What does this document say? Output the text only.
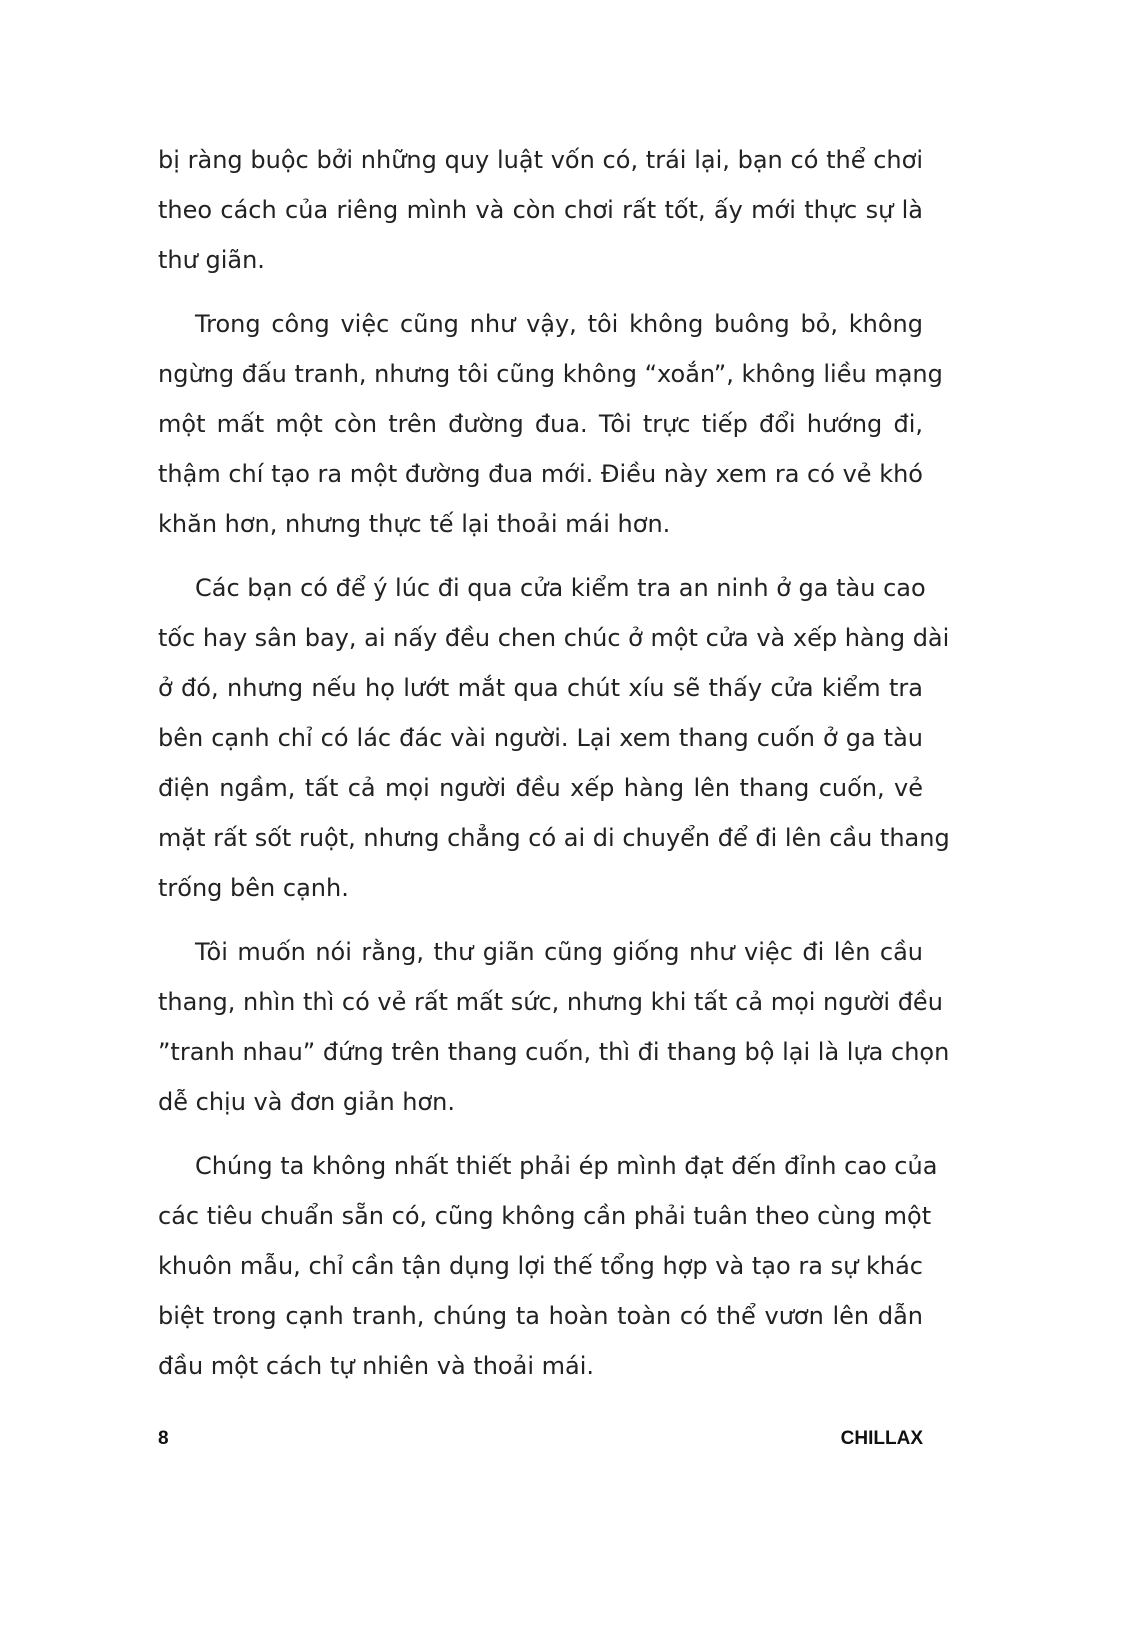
bị ràng buộc bởi những quy luật vốn có, trái lại, bạn có thể chơi
theo cách của riêng mình và còn chơi rất tốt, ấy mới thực sự là
thư giãn.

Trong công việc cũng như vậy, tôi không buông bỏ, không
ngừng đấu tranh, nhưng tôi cũng không “xoắn”, không liều mạng
một mất một còn trên đường đua. Tôi trực tiếp đổi hướng đi,
thậm chí tạo ra một đường đua mới. Điều này xem ra có vẻ khó
khăn hơn, nhưng thực tế lại thoải mái hơn.

Các bạn có để ý lúc đi qua cửa kiểm tra an ninh ở ga tàu cao
tốc hay sân bay, ai nấy đều chen chúc ở một cửa và xếp hàng dài
ở đó, nhưng nếu họ lướt mắt qua chút xíu sẽ thấy cửa kiểm tra
bên cạnh chỉ có lác đác vài người. Lại xem thang cuốn ở ga tàu
điện ngầm, tất cả mọi người đều xếp hàng lên thang cuốn, vẻ
mặt rất sốt ruột, nhưng chẳng có ai di chuyển để đi lên cầu thang
trống bên cạnh.

Tôi muốn nói rằng, thư giãn cũng giống như việc đi lên cầu
thang, nhìn thì có vẻ rất mất sức, nhưng khi tất cả mọi người đều
”tranh nhau” đứng trên thang cuốn, thì đi thang bộ lại là lựa chọn
dễ chịu và đơn giản hơn.

Chúng ta không nhất thiết phải ép mình đạt đến đỉnh cao của
các tiêu chuẩn sẵn có, cũng không cần phải tuân theo cùng một
khuôn mẫu, chỉ cần tận dụng lợi thế tổng hợp và tạo ra sự khác
biệt trong cạnh tranh, chúng ta hoàn toàn có thể vươn lên dẫn
đầu một cách tự nhiên và thoải mái.

8	CHILLAX
